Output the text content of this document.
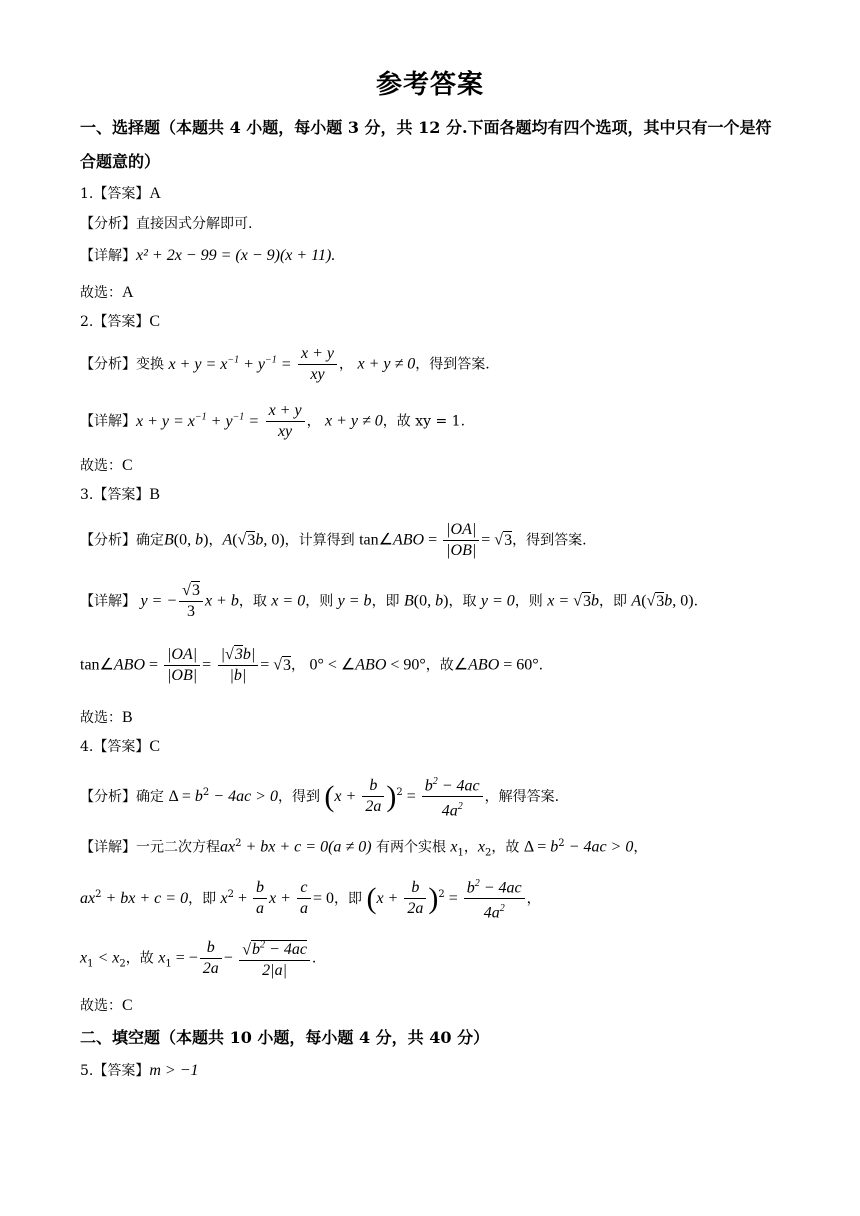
参考答案
一、选择题（本题共 4 小题，每小题 3 分，共 12 分.下面各题均有四个选项，其中只有一个是符合题意的）
1.【答案】A
【分析】直接因式分解即可.
【详解】x² + 2x − 99 = (x − 9)(x + 11).
故选：A
2.【答案】C
【分析】变换 $x + y = x^{-1} + y^{-1} = \frac{x + y}{xy}$ ， x + y ≠ 0，得到答案.
【详解】$x + y = x^{-1} + y^{-1} = \frac{x + y}{xy}$ ， x + y ≠ 0，故 xy = 1.
故选：C
3.【答案】B
【分析】确定B(0, b)，A(√3b, 0)，计算得到 tan∠ABO = $\frac{|OA|}{|OB|} = √3$，得到答案.
【详解】 y = − $\frac{√3}{3}$ x + b，取 x = 0，则 y = b，即 B(0, b)，取 y = 0，则 x = √3b，即 A(√3b, 0).
tan∠ABO = $\frac{|OA|}{|OB|} = \frac{|√3b|}{|b|} = √3$， 0° < ∠ABO < 90°，故∠ABO = 60°.
故选：B
4.【答案】C
【分析】确定 $\Delta = b^2 - 4ac > 0$，得到 $(x + \frac{b}{2a} )^2 = \frac{b^2 - 4ac}{4a^2}$ ，解得答案.
【详解】一元二次方程$ax^2$ + bx + c = 0(a ≠ 0) 有两个实根 $x_1$，$x_2$，故 $\Delta = b^2 - 4ac > 0$，
$ax^2$ + bx + c = 0，即 $x^2 + \frac{b}{a}$ $x + \frac{c}{a} = 0$，即 $(x + \frac{b}{2a} )^2 = \frac{b^2 - 4ac}{4a^2}$ ，
$x_1 < x_2$，故 $x_1$ = − $\frac{b}{2a} - \frac{√b^2 - 4ac}{2|a|}$ .
故选：C
二、填空题（本题共 10 小题，每小题 4 分，共 40 分）
5.【答案】m > −1
